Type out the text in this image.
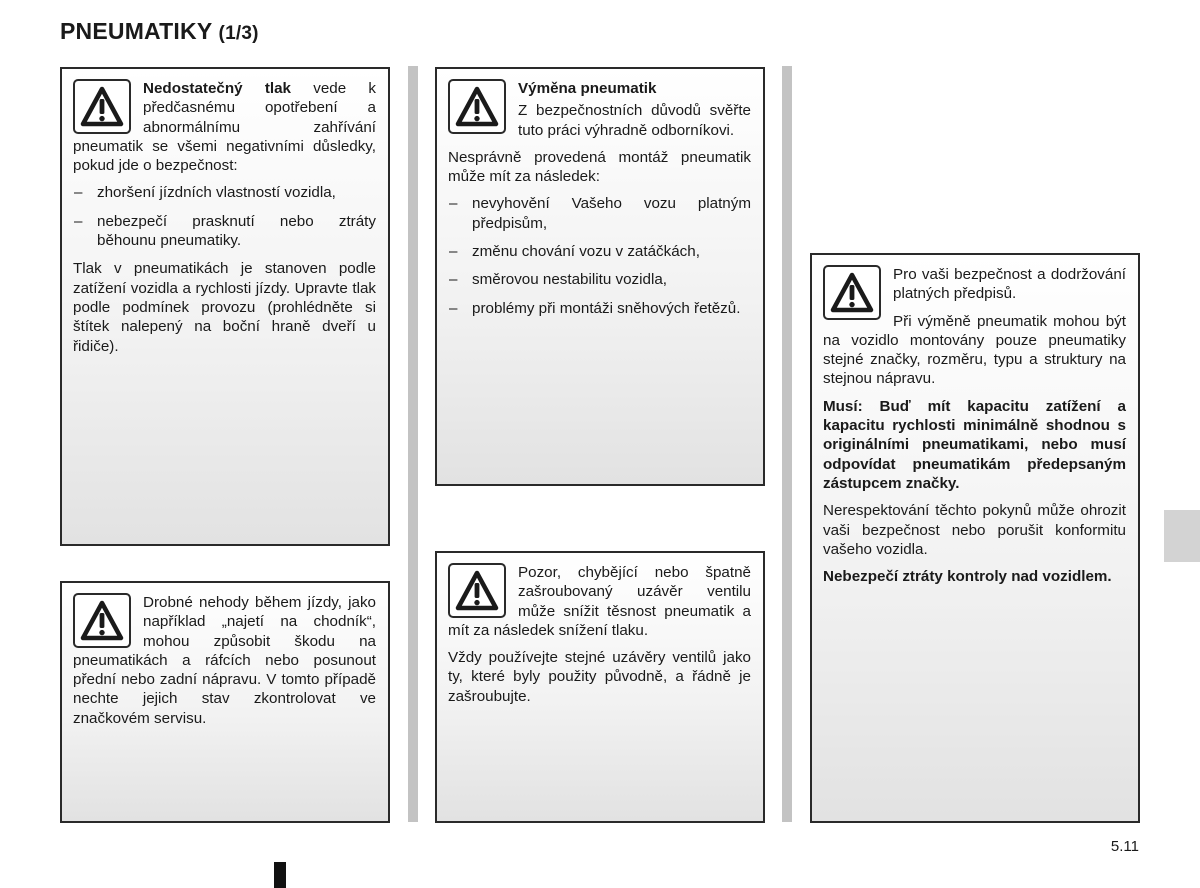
PNEUMATIKY (1/3)

Nedostatečný tlak vede k předčasnému opotřebení a abnormálnímu zahřívání pneumatik se všemi negativními důsledky, pokud jde o bezpečnost:

– zhoršení jízdních vlastností vozidla,
– nebezpečí prasknutí nebo ztráty běhounu pneumatiky.

Tlak v pneumatikách je stanoven podle zatížení vozidla a rychlosti jízdy. Upravte tlak podle podmínek provozu (prohlédněte si štítek nalepený na boční hraně dveří u řidiče).

Drobné nehody během jízdy, jako například „najetí na chodník“, mohou způsobit škodu na pneumatikách a ráfcích nebo posunout přední nebo zadní nápravu. V tomto případě nechte jejich stav zkontrolovat ve značkovém servisu.

Výměna pneumatik

Z bezpečnostních důvodů svěřte tuto práci výhradně odborníkovi.

Nesprávně provedená montáž pneumatik může mít za následek:

– nevyhovění Vašeho vozu platným předpisům,
– změnu chování vozu v zatáčkách,
– směrovou nestabilitu vozidla,
– problémy při montáži sněhových řetězů.

Pozor, chybějící nebo špatně zašroubovaný uzávěr ventilu může snížit těsnost pneumatik a mít za následek snížení tlaku.

Vždy používejte stejné uzávěry ventilů jako ty, které byly použity původně, a řádně je zašroubujte.

Pro vaši bezpečnost a dodržování platných předpisů.

Při výměně pneumatik mohou být na vozidlo montovány pouze pneumatiky stejné značky, rozměru, typu a struktury na stejnou nápravu.

Musí: Buď mít kapacitu zatížení a kapacitu rychlosti minimálně shodnou s originálními pneumatikami, nebo musí odpovídat pneumatikám předepsaným zástupcem značky.

Nerespektování těchto pokynů může ohrozit vaši bezpečnost nebo porušit konformitu vašeho vozidla.

Nebezpečí ztráty kontroly nad vozidlem.

5.11
